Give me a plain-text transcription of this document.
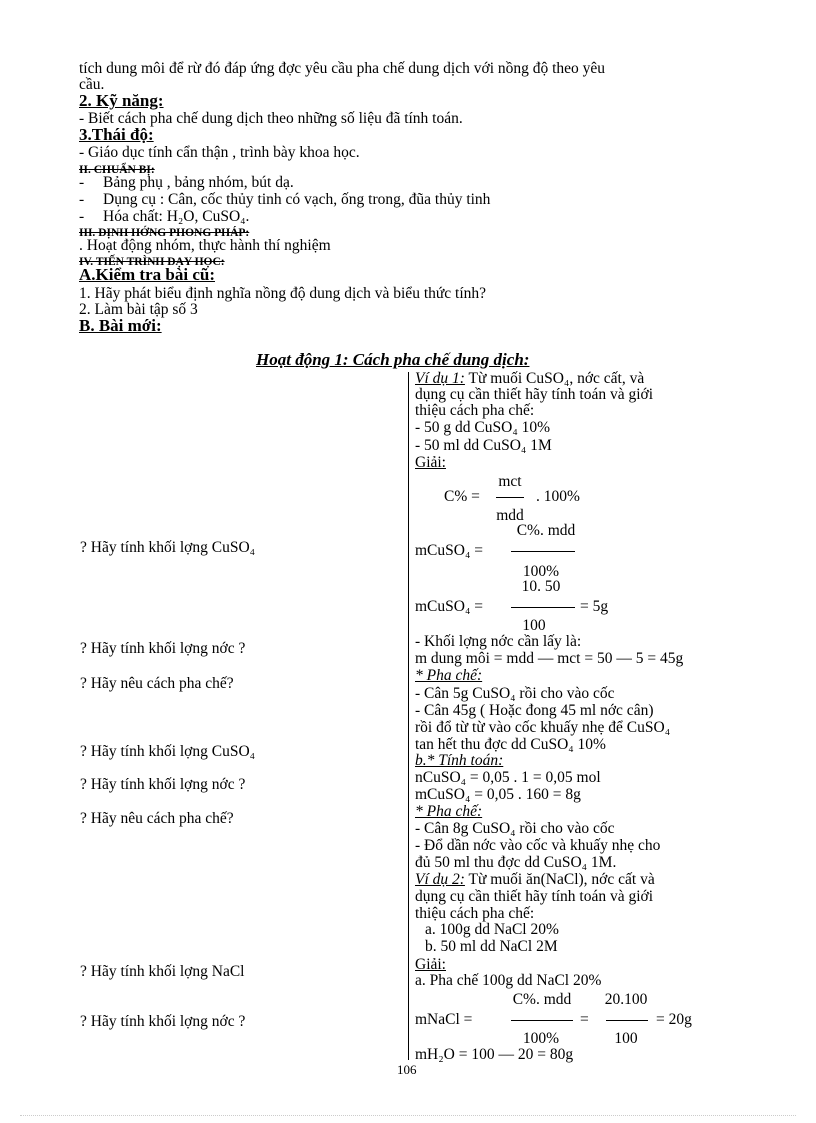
tích dung môi để rừ đó đáp ứng đợc yêu cầu pha chế dung dịch với nồng độ theo yêu
cầu.
2. Kỹ năng:
- Biết cách pha chế dung dịch theo những số liệu đã tính toán.
3.Thái độ:
- Giáo dục tính cẩn thận , trình bày khoa học.
II. CHUẨN BỊ:
- Bảng phụ , bảng nhóm, bút dạ.
- Dụng cụ : Cân, cốc thủy tinh có vạch, ống trong, đũa thủy tinh
- Hóa chất: H₂O, CuSO₄.
III. ĐỊNH HỚNG PHONG PHÁP:
. Hoạt động nhóm, thực hành thí nghiệm
IV. TIẾN TRÌNH DẠY HỌC:
A.Kiểm tra bài cũ:
1. Hãy phát biểu định nghĩa nồng độ dung dịch và biểu thức tính?
2. Làm bài tập số 3
B. Bài mới:
Hoạt động 1: Cách pha chế dung dịch:
? Hãy tính khối lợng CuSO₄
? Hãy tính khối lợng nớc ?
? Hãy nêu cách pha chế?
? Hãy tính khối lợng CuSO₄
? Hãy tính khối lợng nớc ?
? Hãy nêu cách pha chế?
? Hãy tính khối lợng NaCl
? Hãy tính khối lợng nớc ?
Ví dụ 1: Từ muối CuSO₄, nớc cất, và
dụng cụ cần thiết hãy tính toán và giới
thiệu cách pha chế:
- 50 g dd CuSO₄ 10%
- 50 ml dd CuSO₄ 1M
Giải:
C% =
mct
mdd
. 100%
mCuSO₄ =
C%. mdd
100%
mCuSO₄ =
10. 50
100
= 5g
- Khối lợng nớc cần lấy là:
m dung môi = mdd — mct = 50 — 5 = 45g
* Pha chế:
- Cân 5g CuSO₄ rồi cho vào cốc
- Cân 45g ( Hoặc đong 45 ml nớc cân)
rồi đổ từ từ vào cốc khuấy nhẹ để CuSO₄
tan hết thu đợc dd CuSO₄ 10%
b.* Tính toán:
nCuSO₄ = 0,05 . 1 = 0,05 mol
mCuSO₄ = 0,05 . 160 = 8g
* Pha chế:
- Cân 8g CuSO₄ rồi cho vào cốc
- Đổ dần nớc vào cốc và khuấy nhẹ cho
đủ 50 ml thu đợc dd CuSO₄ 1M.
Ví dụ 2: Từ muối ăn(NaCl), nớc cất và
dụng cụ cần thiết hãy tính toán và giới
thiệu cách pha chế:
a. 100g dd NaCl 20%
b. 50 ml dd NaCl 2M
Giải:
a. Pha chế 100g dd NaCl 20%
mNaCl =
C%. mdd
100%
=
20.100
100
= 20g
mH₂O = 100 — 20 = 80g
106
